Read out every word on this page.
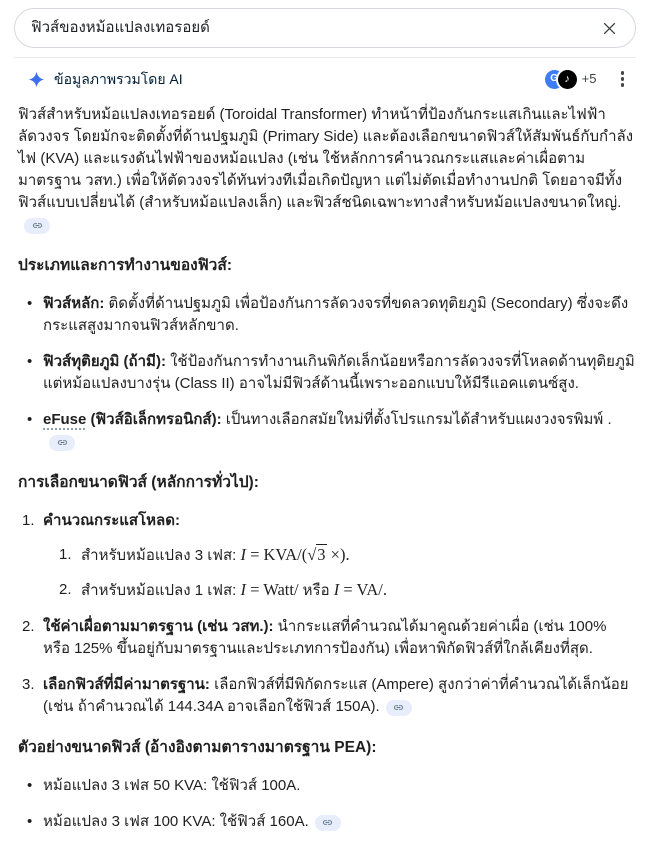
ฟิวส์ของหม้อแปลงเทอรอยด์
ข้อมูลภาพรวมโดย AI	G ♪ +5

ฟิวส์สำหรับหม้อแปลงเทอรอยด์ (Toroidal Transformer) ทำหน้าที่ป้องกันกระแสเกินและไฟฟ้าลัดวงจร โดยมักจะติดตั้งที่ด้านปฐมภูมิ (Primary Side) และต้องเลือกขนาดฟิวส์ให้สัมพันธ์กับกำลังไฟ (KVA) และแรงดันไฟฟ้าของหม้อแปลง (เช่น ใช้หลักการคำนวณกระแสและค่าเผื่อตามมาตรฐาน วสท.) เพื่อให้ตัดวงจรได้ทันท่วงทีเมื่อเกิดปัญหา แต่ไม่ตัดเมื่อทำงานปกติ โดยอาจมีทั้งฟิวส์แบบเปลี่ยนได้ (สำหรับหม้อแปลงเล็ก) และฟิวส์ชนิดเฉพาะทางสำหรับหม้อแปลงขนาดใหญ่.

ประเภทและการทำงานของฟิวส์:
• ฟิวส์หลัก: ติดตั้งที่ด้านปฐมภูมิ เพื่อป้องกันการลัดวงจรที่ขดลวดทุติยภูมิ (Secondary) ซึ่งจะดึงกระแสสูงมากจนฟิวส์หลักขาด.
• ฟิวส์ทุติยภูมิ (ถ้ามี): ใช้ป้องกันการทำงานเกินพิกัดเล็กน้อยหรือการลัดวงจรที่โหลดด้านทุติยภูมิ แต่หม้อแปลงบางรุ่น (Class II) อาจไม่มีฟิวส์ด้านนี้เพราะออกแบบให้มีรีแอคแตนซ์สูง.
• eFuse (ฟิวส์อิเล็กทรอนิกส์): เป็นทางเลือกสมัยใหม่ที่ตั้งโปรแกรมได้สำหรับแผงวงจรพิมพ์ .
การเลือกขนาดฟิวส์ (หลักการทั่วไป):
คำนวณกระแสโหลด:
สำหรับหม้อแปลง 3 เฟส: I = KVA/(√3 ×).
สำหรับหม้อแปลง 1 เฟส: I = Watt/ หรือ I = VA/.
ใช้ค่าเผื่อตามมาตรฐาน (เช่น วสท.): นำกระแสที่คำนวณได้มาคูณด้วยค่าเผื่อ (เช่น 100% หรือ 125% ขึ้นอยู่กับมาตรฐานและประเภทการป้องกัน) เพื่อหาพิกัดฟิวส์ที่ใกล้เคียงที่สุด.
เลือกฟิวส์ที่มีค่ามาตรฐาน: เลือกฟิวส์ที่มีพิกัดกระแส (Ampere) สูงกว่าค่าที่คำนวณได้เล็กน้อย (เช่น ถ้าคำนวณได้ 144.34A อาจเลือกใช้ฟิวส์ 150A).
ตัวอย่างขนาดฟิวส์ (อ้างอิงตามตารางมาตรฐาน PEA):
• หม้อแปลง 3 เฟส 50 KVA: ใช้ฟิวส์ 100A.
• หม้อแปลง 3 เฟส 100 KVA: ใช้ฟิวส์ 160A.
